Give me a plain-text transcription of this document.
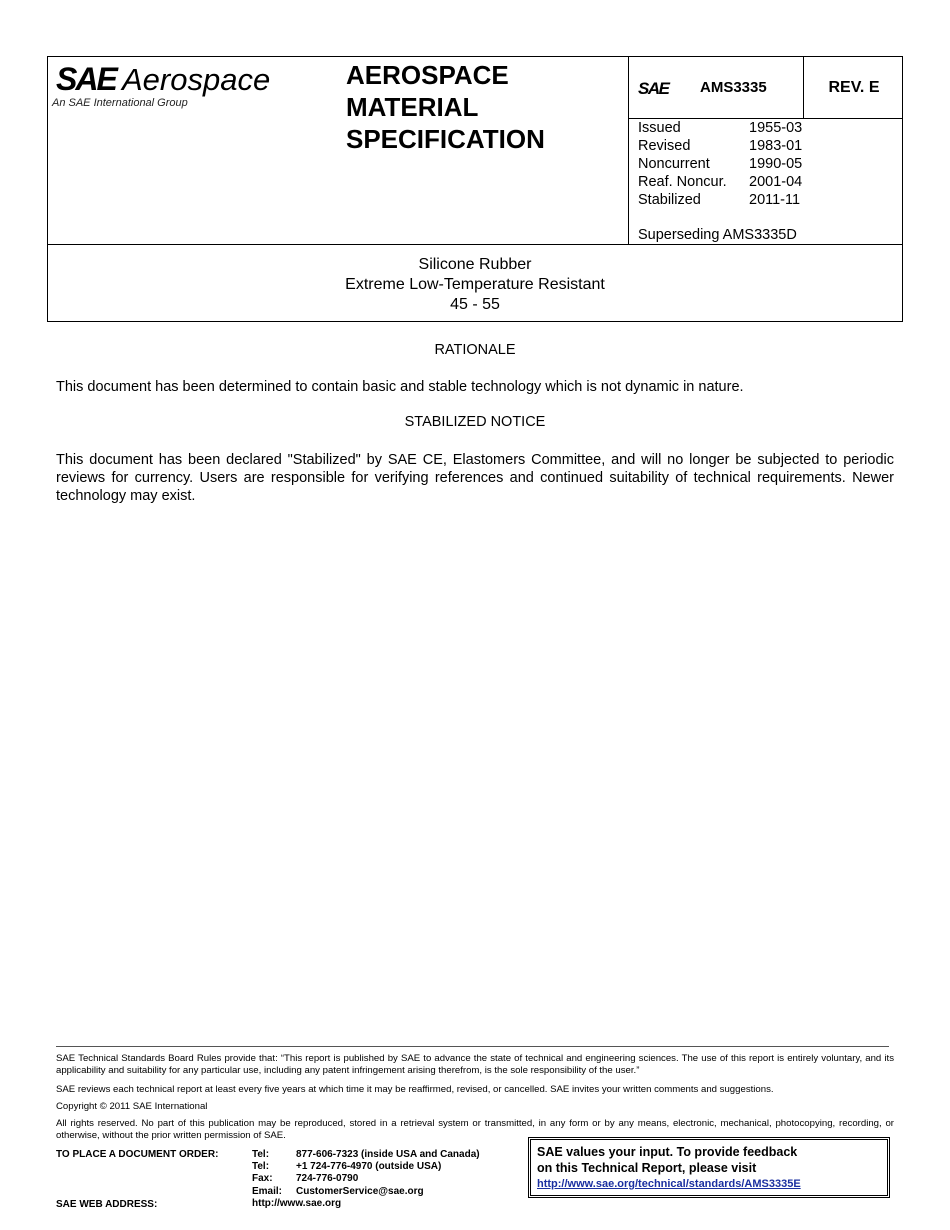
SAE Aerospace
An SAE International Group
AEROSPACE
MATERIAL
SPECIFICATION
SAE AMS3335	REV. E
Issued	1955-03
Revised	1983-01
Noncurrent	1990-05
Reaf. Noncur.	2001-04
Stabilized	2011-11
Superseding AMS3335D
Silicone Rubber
Extreme Low-Temperature Resistant
45 - 55
RATIONALE
This document has been determined to contain basic and stable technology which is not dynamic in nature.
STABILIZED NOTICE
This document has been declared "Stabilized" by SAE CE, Elastomers Committee, and will no longer be subjected to periodic reviews for currency. Users are responsible for verifying references and continued suitability of technical requirements. Newer technology may exist.
SAE Technical Standards Board Rules provide that: “This report is published by SAE to advance the state of technical and engineering sciences. The use of this report is entirely voluntary, and its applicability and suitability for any particular use, including any patent infringement arising therefrom, is the sole responsibility of the user.”
SAE reviews each technical report at least every five years at which time it may be reaffirmed, revised, or cancelled. SAE invites your written comments and suggestions.
Copyright © 2011 SAE International
All rights reserved. No part of this publication may be reproduced, stored in a retrieval system or transmitted, in any form or by any means, electronic, mechanical, photocopying, recording, or otherwise, without the prior written permission of SAE.
TO PLACE A DOCUMENT ORDER:
SAE WEB ADDRESS:
Tel:	877-606-7323 (inside USA and Canada)
Tel:	+1 724-776-4970 (outside USA)
Fax:	724-776-0790
Email:	CustomerService@sae.org
http://www.sae.org
SAE values your input. To provide feedback
on this Technical Report, please visit
http://www.sae.org/technical/standards/AMS3335E
